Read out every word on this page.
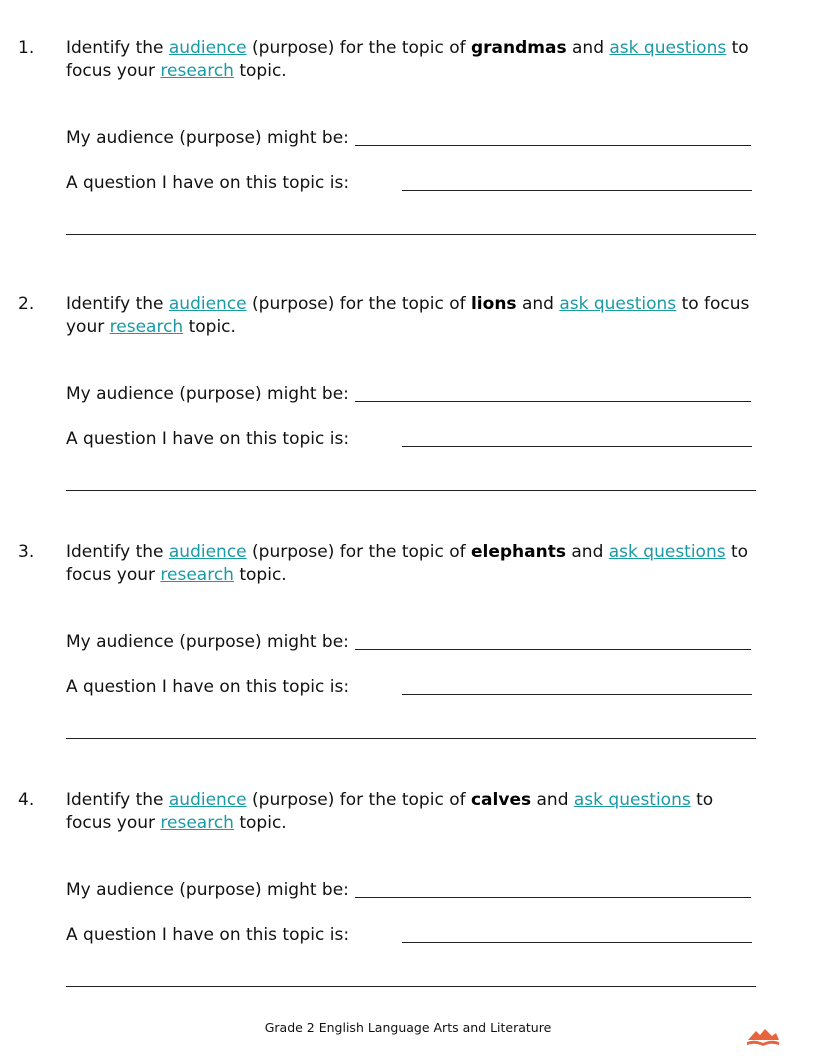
1. Identify the audience (purpose) for the topic of grandmas and ask questions to
focus your research topic.
My audience (purpose) might be:
A question I have on this topic is:
2. Identify the audience (purpose) for the topic of lions and ask questions to focus
your research topic.
My audience (purpose) might be:
A question I have on this topic is:
3. Identify the audience (purpose) for the topic of elephants and ask questions to
focus your research topic.
My audience (purpose) might be:
A question I have on this topic is:
4. Identify the audience (purpose) for the topic of calves and ask questions to
focus your research topic.
My audience (purpose) might be:
A question I have on this topic is:
Grade 2 English Language Arts and Literature
